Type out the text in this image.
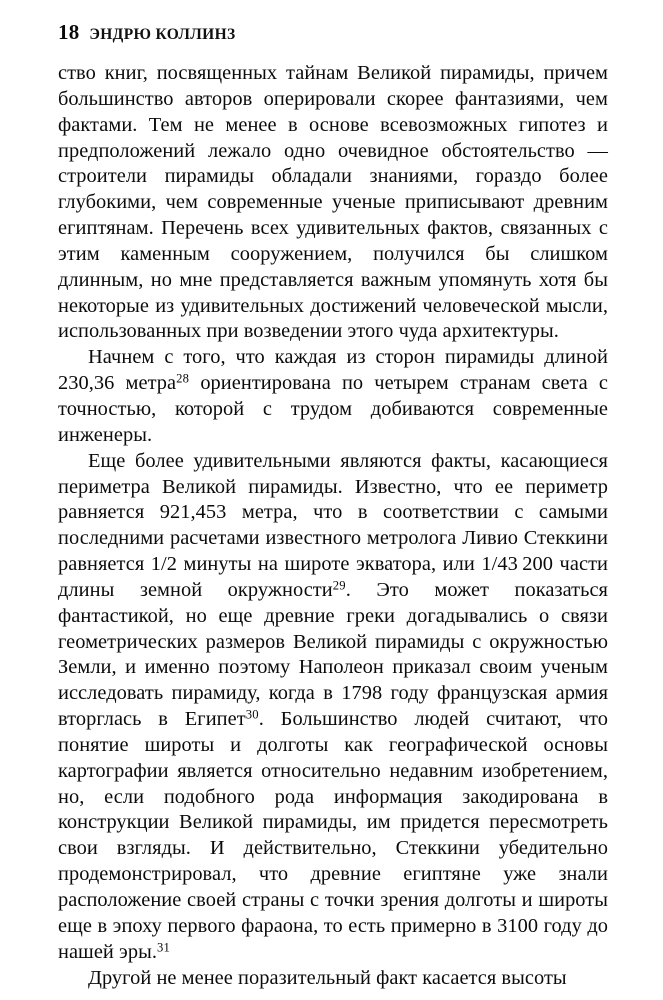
18 ЭНДРЮ КОЛЛИНЗ

ство книг, посвященных тайнам Великой пирамиды, причем большинство авторов оперировали скорее фантазиями, чем фактами. Тем не менее в основе всевозможных гипотез и предположений лежало одно очевидное обстоятельство — строители пирамиды обладали знаниями, гораздо более глубокими, чем современные ученые приписывают древним египтянам. Перечень всех удивительных фактов, связанных с этим каменным сооружением, получился бы слишком длинным, но мне представляется важным упомянуть хотя бы некоторые из удивительных достижений человеческой мысли, использованных при возведении этого чуда архитектуры.

Начнем с того, что каждая из сторон пирамиды длиной 230,36 метра$^{28}$ ориентирована по четырем странам света с точностью, которой с трудом добиваются современные инженеры.

Еще более удивительными являются факты, касающиеся периметра Великой пирамиды. Известно, что ее периметр равняется 921,453 метра, что в соответствии с самыми последними расчетами известного метролога Ливио Стеккини равняется 1/2 минуты на широте экватора, или 1/43 200 части длины земной окружности$^{29}$. Это может показаться фантастикой, но еще древние греки догадывались о связи геометрических размеров Великой пирамиды с окружностью Земли, и именно поэтому Наполеон приказал своим ученым исследовать пирамиду, когда в 1798 году французская армия вторглась в Египет$^{30}$. Большинство людей считают, что понятие широты и долготы как географической основы картографии является относительно недавним изобретением, но, если подобного рода информация закодирована в конструкции Великой пирамиды, им придется пересмотреть свои взгляды. И действительно, Стеккини убедительно продемонстрировал, что древние египтяне уже знали расположение своей страны с точки зрения долготы и широты еще в эпоху первого фараона, то есть примерно в 3100 году до нашей эры.$^{31}$

Другой не менее поразительный факт касается высоты
